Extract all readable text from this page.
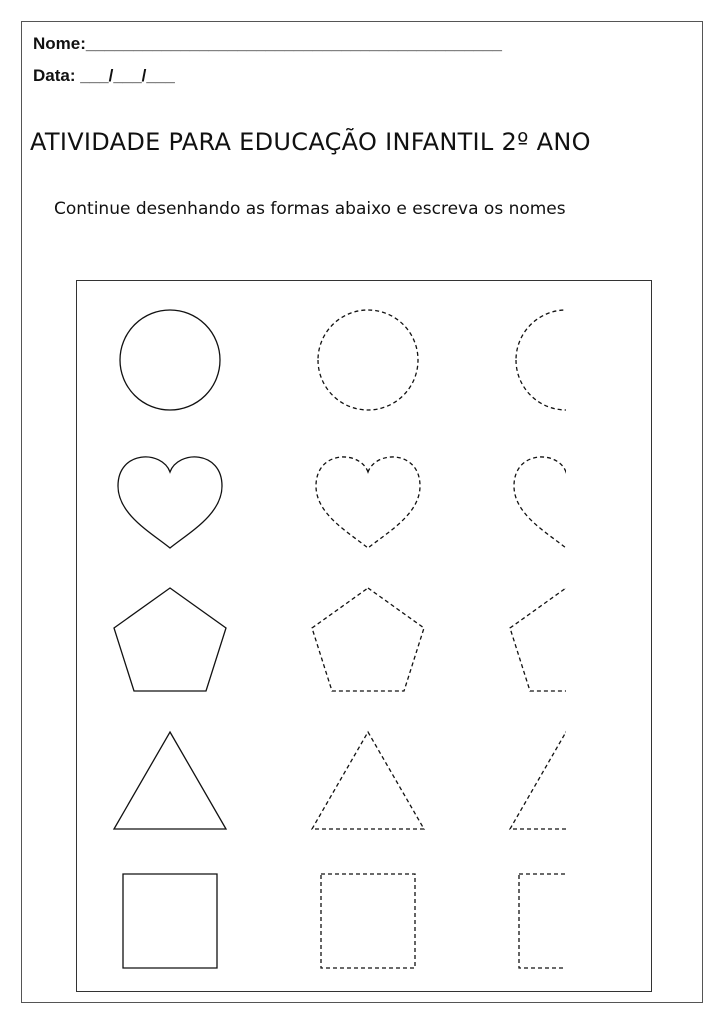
Nome:____________________________________________
Data: ___/___/___
ATIVIDADE PARA EDUCAÇÃO INFANTIL 2º ANO
Continue desenhando as formas abaixo e escreva os nomes
